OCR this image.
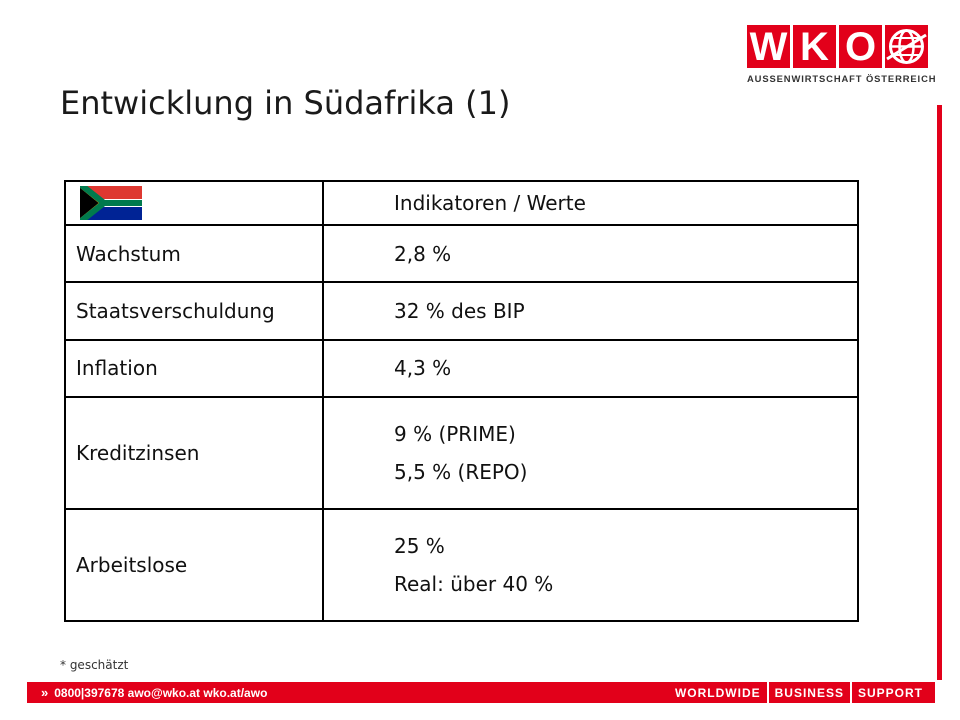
W K O
AUSSENWIRTSCHAFT ÖSTERREICH
Entwicklung in Südafrika (1)
	Indikatoren / Werte
Wachstum	2,8 %

Staatsverschuldung	32 % des BIP

Inflation	4,3 %

Kreditzinsen	9 % (PRIME)
5,5 % (REPO)

Arbeitslose	25 %
Real: über 40 %
* geschätzt
» 0800|397678 awo@wko.at wko.at/awo	WORLDWIDE	BUSINESS	SUPPORT
